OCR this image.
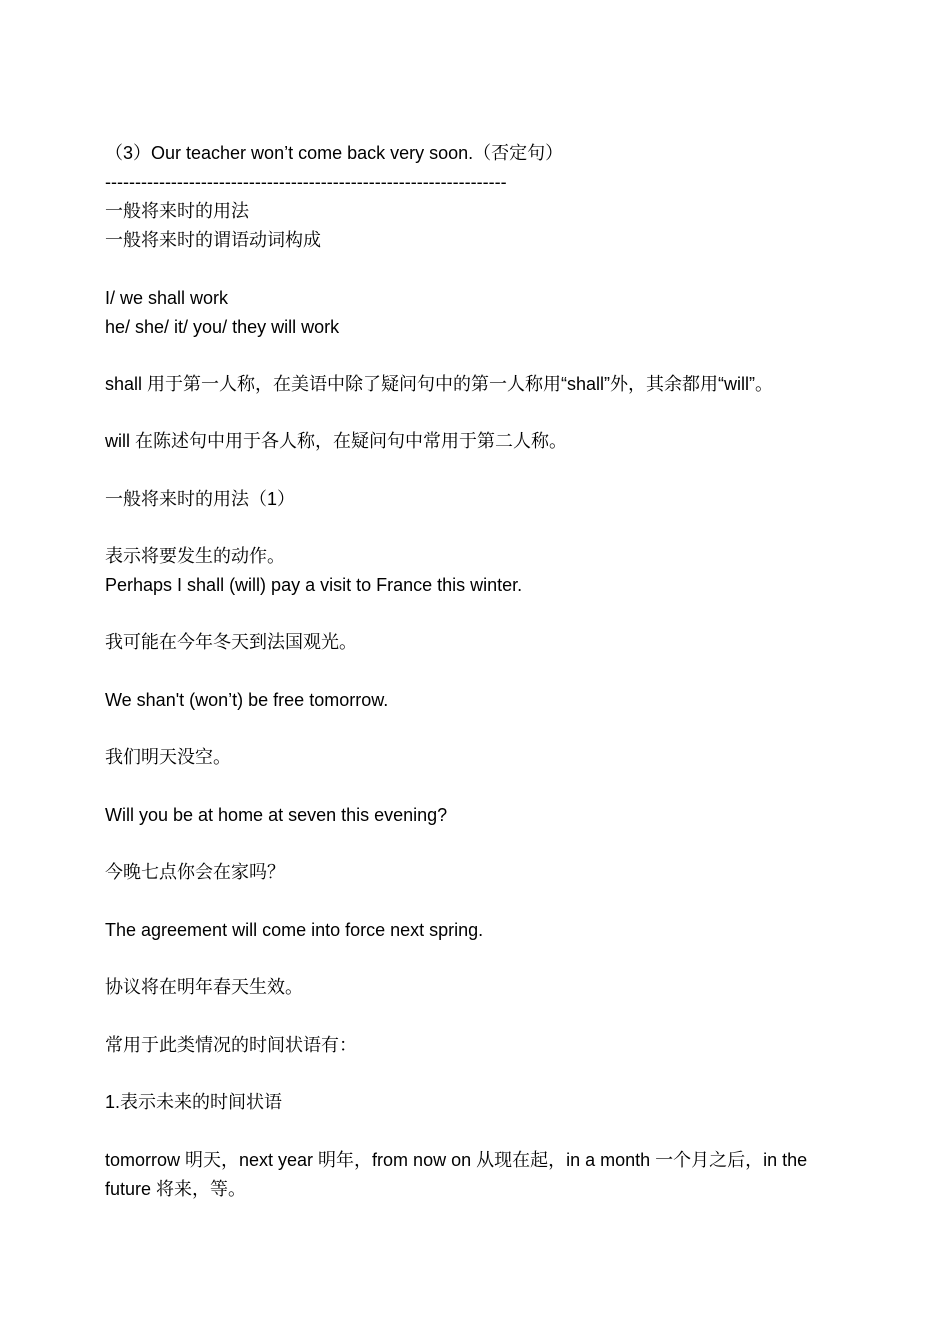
（3）Our teacher won’t come back very soon.（否定句）
-------------------------------------------------------------------
一般将来时的用法
一般将来时的谓语动词构成
I/ we shall work
he/ she/ it/ you/ they will work
shall 用于第一人称，在美语中除了疑问句中的第一人称用“shall”外，其余都用“will”。
will 在陈述句中用于各人称，在疑问句中常用于第二人称。
一般将来时的用法（1）
表示将要发生的动作。
Perhaps I shall (will) pay a visit to France this winter.
我可能在今年冬天到法国观光。
We shan't (won’t) be free tomorrow.
我们明天没空。
Will you be at home at seven this evening?
今晚七点你会在家吗？
The agreement will come into force next spring.
协议将在明年春天生效。
常用于此类情况的时间状语有：
1.表示未来的时间状语
tomorrow 明天，next year 明年，from now on 从现在起，in a month 一个月之后，in the future 将来，等。
